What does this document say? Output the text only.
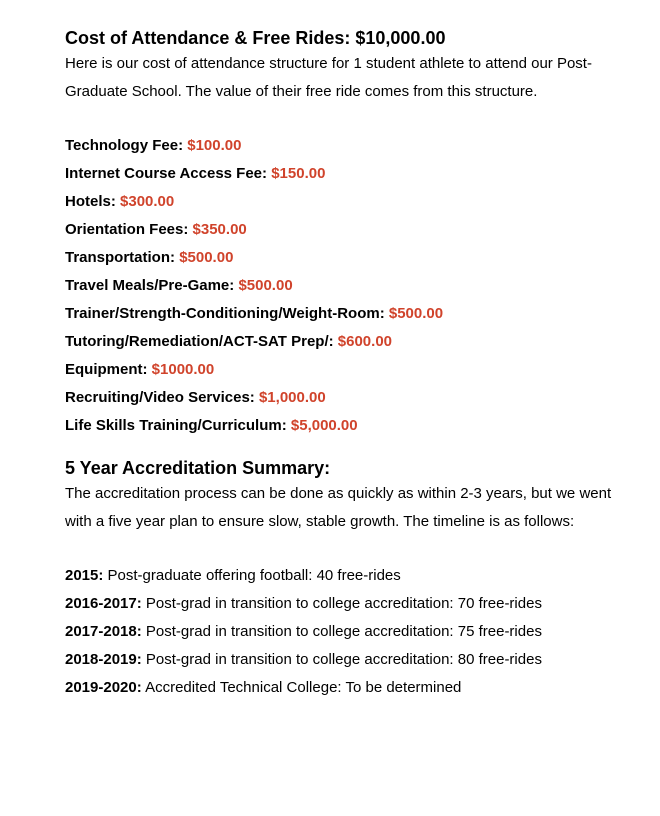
Cost of Attendance & Free Rides: $10,000.00

Here is our cost of attendance structure for 1 student athlete to attend our Post-Graduate School. The value of their free ride comes from this structure.

Technology Fee: $100.00
Internet Course Access Fee: $150.00
Hotels: $300.00
Orientation Fees: $350.00
Transportation: $500.00
Travel Meals/Pre-Game: $500.00
Trainer/Strength-Conditioning/Weight-Room: $500.00
Tutoring/Remediation/ACT-SAT Prep/: $600.00
Equipment: $1000.00
Recruiting/Video Services: $1,000.00
Life Skills Training/Curriculum: $5,000.00
5 Year Accreditation Summary:

The accreditation process can be done as quickly as within 2-3 years, but we went with a five year plan to ensure slow, stable growth. The timeline is as follows:

2015: Post-graduate offering football: 40 free-rides
2016-2017: Post-grad in transition to college accreditation: 70 free-rides
2017-2018: Post-grad in transition to college accreditation: 75 free-rides
2018-2019: Post-grad in transition to college accreditation: 80 free-rides
2019-2020: Accredited Technical College: To be determined
